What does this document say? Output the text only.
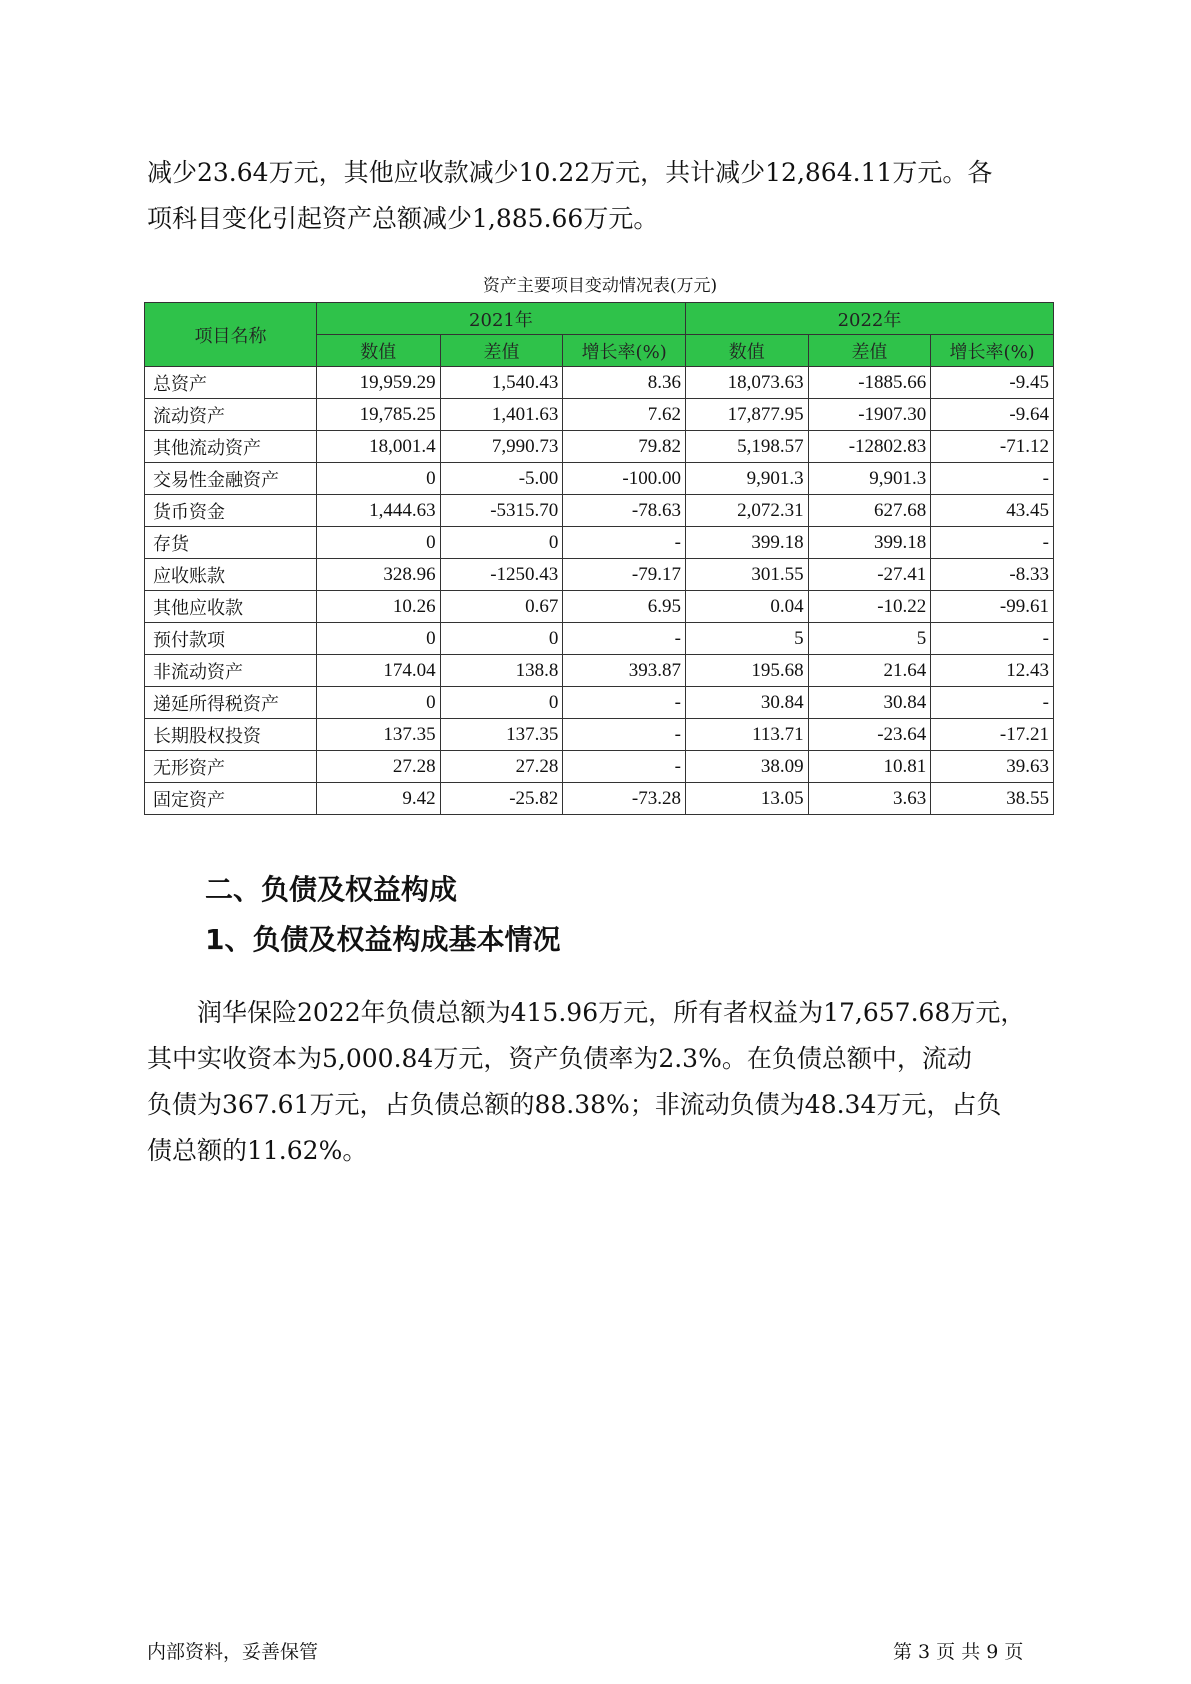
减少23.64万元，其他应收款减少10.22万元，共计减少12,864.11万元。各
项科目变化引起资产总额减少1,885.66万元。

资产主要项目变动情况表(万元)
项目名称	2021年			2022年		
	数值	差值	增长率(%)	数值	差值	增长率(%)
总资产	19,959.29	1,540.43	8.36	18,073.63	-1885.66	-9.45
流动资产	19,785.25	1,401.63	7.62	17,877.95	-1907.30	-9.64
其他流动资产	18,001.4	7,990.73	79.82	5,198.57	-12802.83	-71.12
交易性金融资产	0	-5.00	-100.00	9,901.3	9,901.3	-
货币资金	1,444.63	-5315.70	-78.63	2,072.31	627.68	43.45
存货	0	0	-	399.18	399.18	-
应收账款	328.96	-1250.43	-79.17	301.55	-27.41	-8.33
其他应收款	10.26	0.67	6.95	0.04	-10.22	-99.61
预付款项	0	0	-	5	5	-
非流动资产	174.04	138.8	393.87	195.68	21.64	12.43
递延所得税资产	0	0	-	30.84	30.84	-
长期股权投资	137.35	137.35	-	113.71	-23.64	-17.21
无形资产	27.28	27.28	-	38.09	10.81	39.63
固定资产	9.42	-25.82	-73.28	13.05	3.63	38.55
二、负债及权益构成
1、负债及权益构成基本情况

润华保险2022年负债总额为415.96万元，所有者权益为17,657.68万元，
其中实收资本为5,000.84万元，资产负债率为2.3%。在负债总额中，流动
负债为367.61万元，占负债总额的88.38%；非流动负债为48.34万元，占负
债总额的11.62%。

内部资料，妥善保管	第 3 页 共 9 页
